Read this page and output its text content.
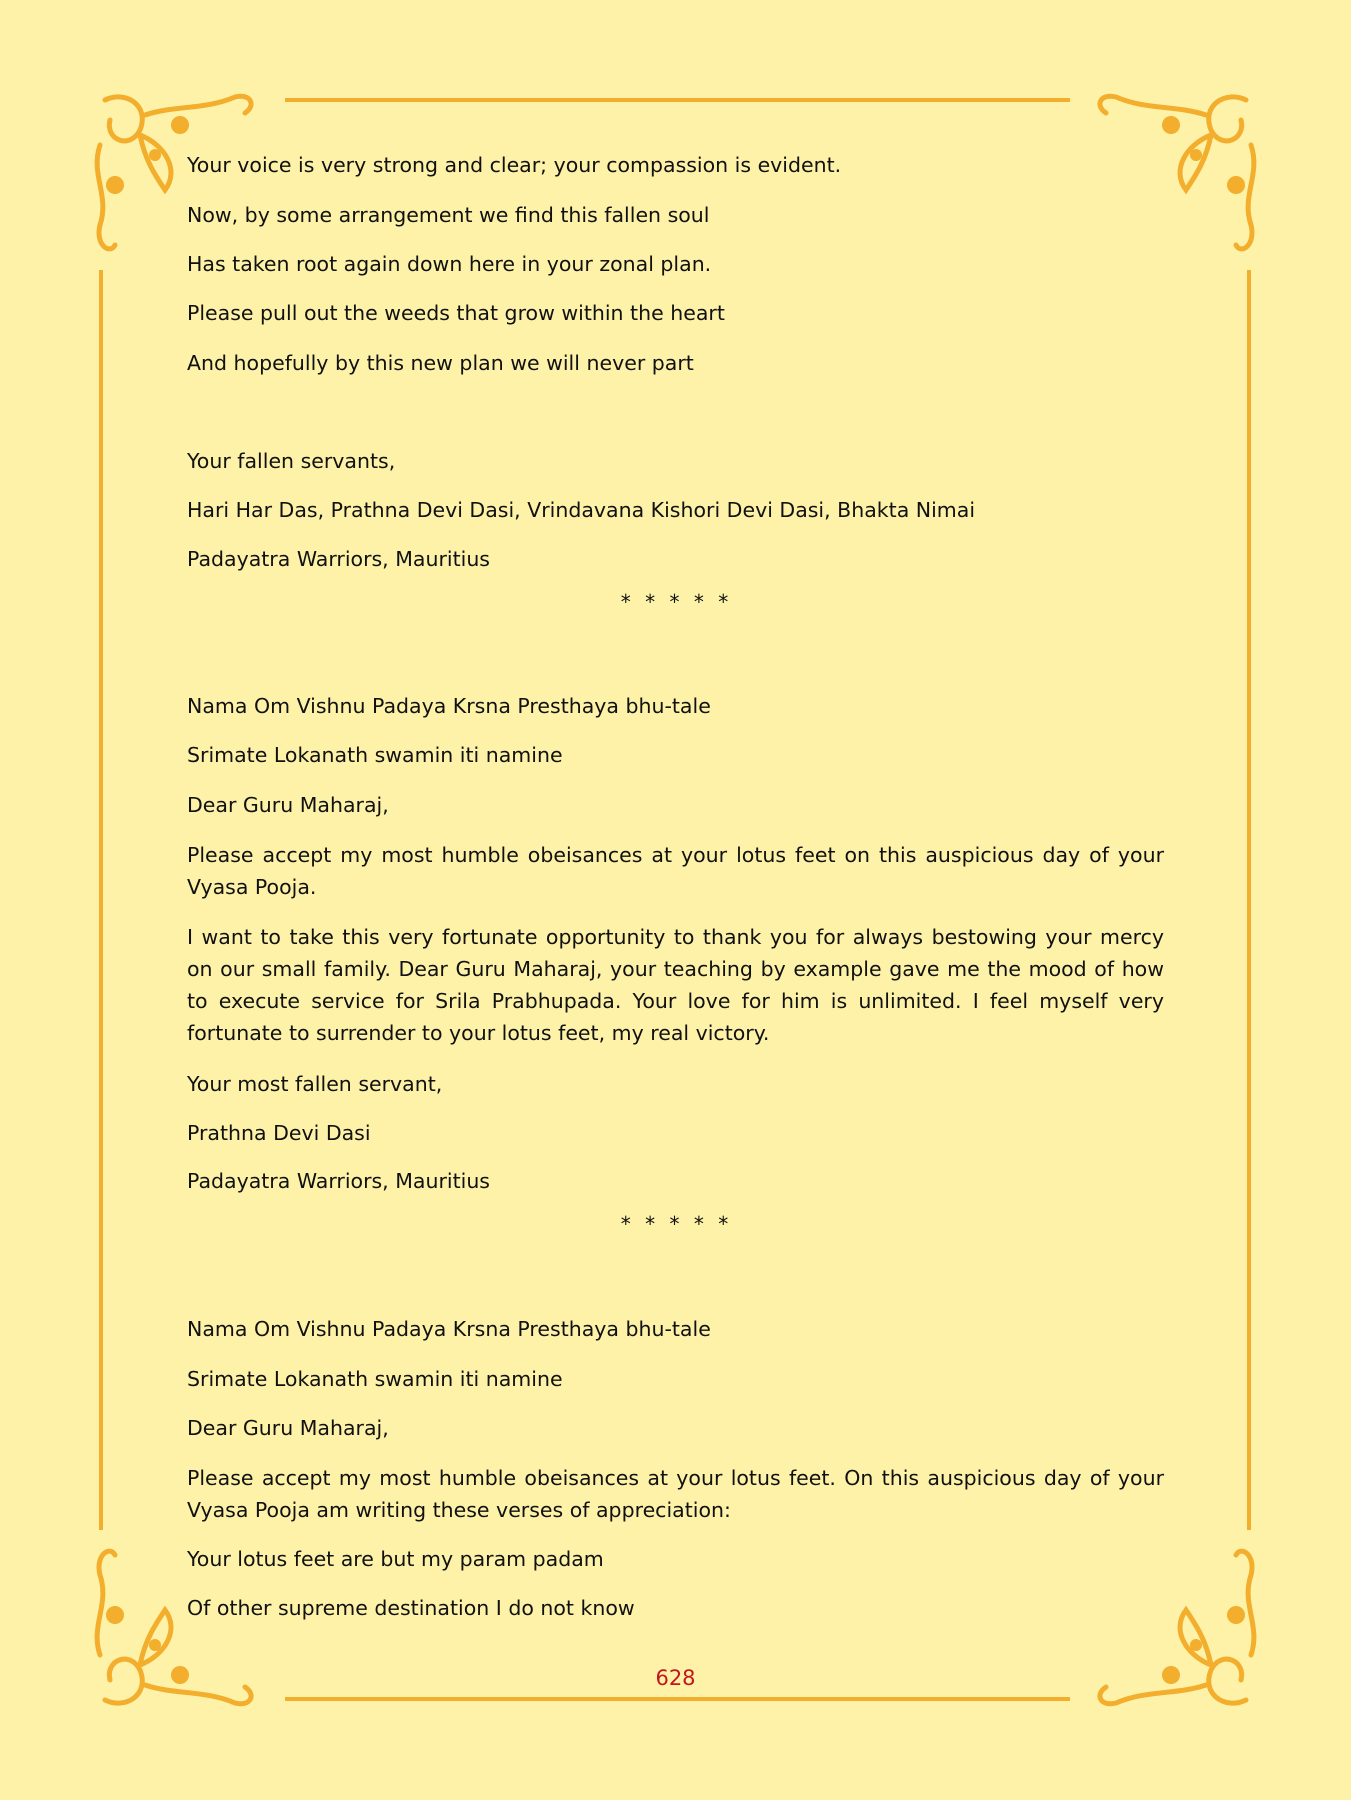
Your voice is very strong and clear; your compassion is evident.
Now, by some arrangement we find this fallen soul
Has taken root again down here in your zonal plan.
Please pull out the weeds that grow within the heart
And hopefully by this new plan we will never part
Your fallen servants,
Hari Har Das, Prathna Devi Dasi, Vrindavana Kishori Devi Dasi, Bhakta Nimai
Padayatra Warriors, Mauritius
* * * * *
Nama Om Vishnu Padaya Krsna Presthaya bhu-tale
Srimate Lokanath swamin iti namine
Dear Guru Maharaj,
Please accept my most humble obeisances at your lotus feet on this auspicious day of your Vyasa Pooja.
I want to take this very fortunate opportunity to thank you for always bestowing your mercy on our small family. Dear Guru Maharaj, your teaching by example gave me the mood of how to execute service for Srila Prabhupada. Your love for him is unlimited. I feel myself very fortunate to surrender to your lotus feet, my real victory.
Your most fallen servant,
Prathna Devi Dasi
Padayatra Warriors, Mauritius
* * * * *
Nama Om Vishnu Padaya Krsna Presthaya bhu-tale
Srimate Lokanath swamin iti namine
Dear Guru Maharaj,
Please accept my most humble obeisances at your lotus feet. On this auspicious day of your Vyasa Pooja am writing these verses of appreciation:
Your lotus feet are but my param padam
Of other supreme destination I do not know
628
